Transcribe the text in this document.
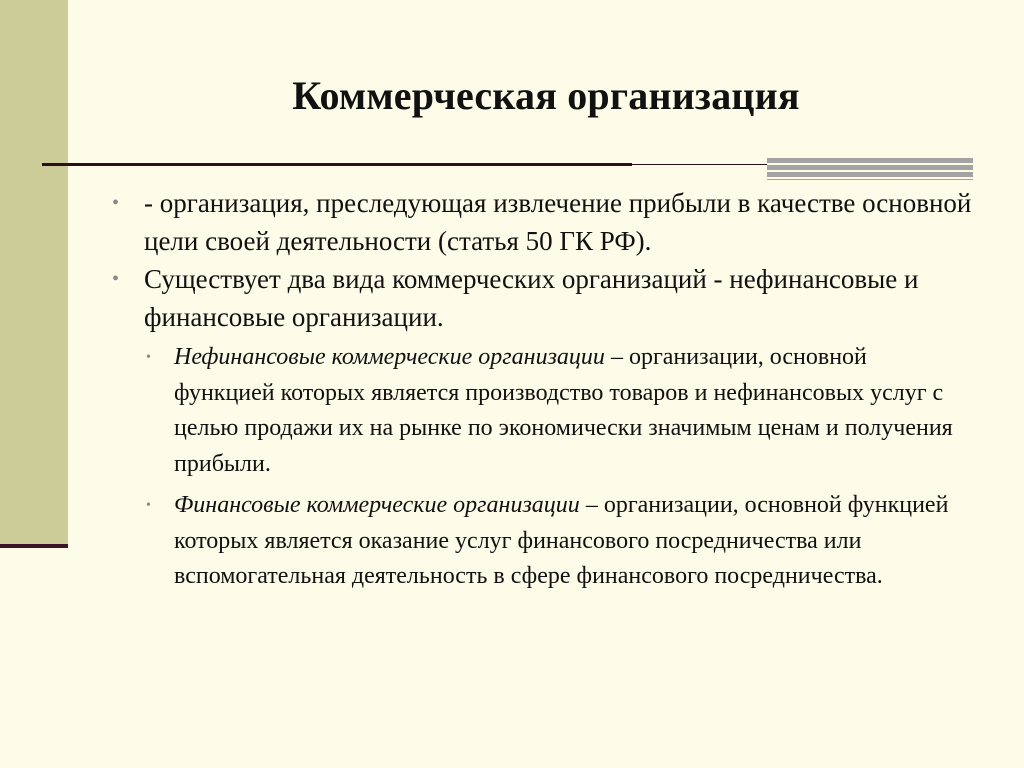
Коммерческая организация
• - организация, преследующая извлечение прибыли в качестве основной цели своей деятельности (статья 50 ГК РФ).
• Существует два вида коммерческих организаций - нефинансовые и финансовые организации.
• Нефинансовые коммерческие организации – организации, основной функцией которых является производство товаров и нефинансовых услуг с целью продажи их на рынке по экономически значимым ценам и получения прибыли.
• Финансовые коммерческие организации – организации, основной функцией которых является оказание услуг финансового посредничества или вспомогательная деятельность в сфере финансового посредничества.
